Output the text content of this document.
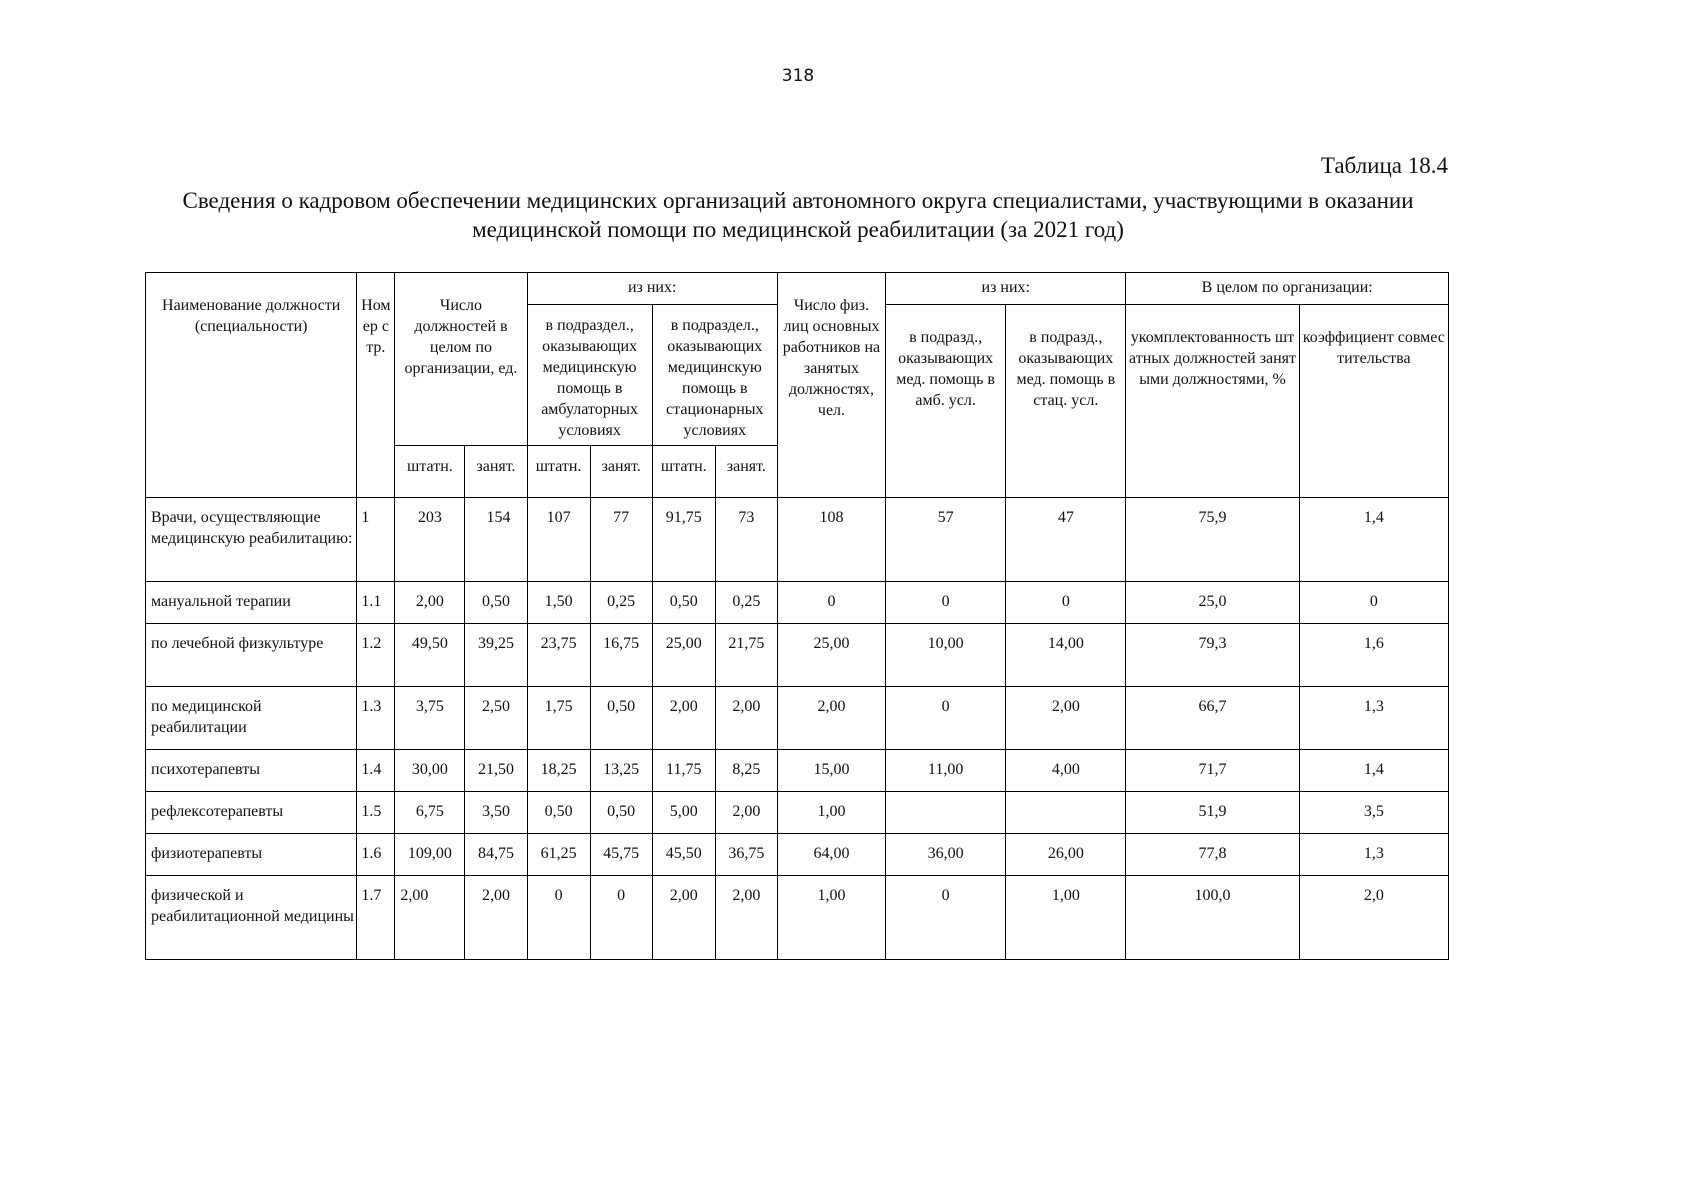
318
Таблица 18.4
Сведения о кадровом обеспечении медицинских организаций автономного округа специалистами, участвующими в оказании медицинской помощи по медицинской реабилитации (за 2021 год)
Наименование должности (специальности)	Номер стр.	Число должностей в целом по организации, ед.		из них:				Число физ. лиц основных работников на занятых должностях, чел.	из них:		В целом по организации:	
				в подраздел., оказывающих медицинскую помощь в амбулаторных условиях		в подраздел., оказывающих медицинскую помощь в стационарных условиях			в подразд., оказывающих мед. помощь в амб. усл.	в подразд., оказывающих мед. помощь в стац. усл.	укомплектованность штатных должностей занятыми должностями, %	коэффициент совместительства
		штатн.	занят.	штатн.	занят.	штатн.	занят.					
Врачи, осуществляющие медицинскую реабилитацию:	1	203	154	107	77	91,75	73	108	57	47	75,9	1,4
мануальной терапии	1.1	2,00	0,50	1,50	0,25	0,50	0,25	0	0	0	25,0	0
по лечебной физкультуре	1.2	49,50	39,25	23,75	16,75	25,00	21,75	25,00	10,00	14,00	79,3	1,6
по медицинской реабилитации	1.3	3,75	2,50	1,75	0,50	2,00	2,00	2,00	0	2,00	66,7	1,3
психотерапевты	1.4	30,00	21,50	18,25	13,25	11,75	8,25	15,00	11,00	4,00	71,7	1,4
рефлексотерапевты	1.5	6,75	3,50	0,50	0,50	5,00	2,00	1,00			51,9	3,5
физиотерапевты	1.6	109,00	84,75	61,25	45,75	45,50	36,75	64,00	36,00	26,00	77,8	1,3
физической и реабилитационной медицины	1.7	2,00	2,00	0	0	2,00	2,00	1,00	0	1,00	100,0	2,0
